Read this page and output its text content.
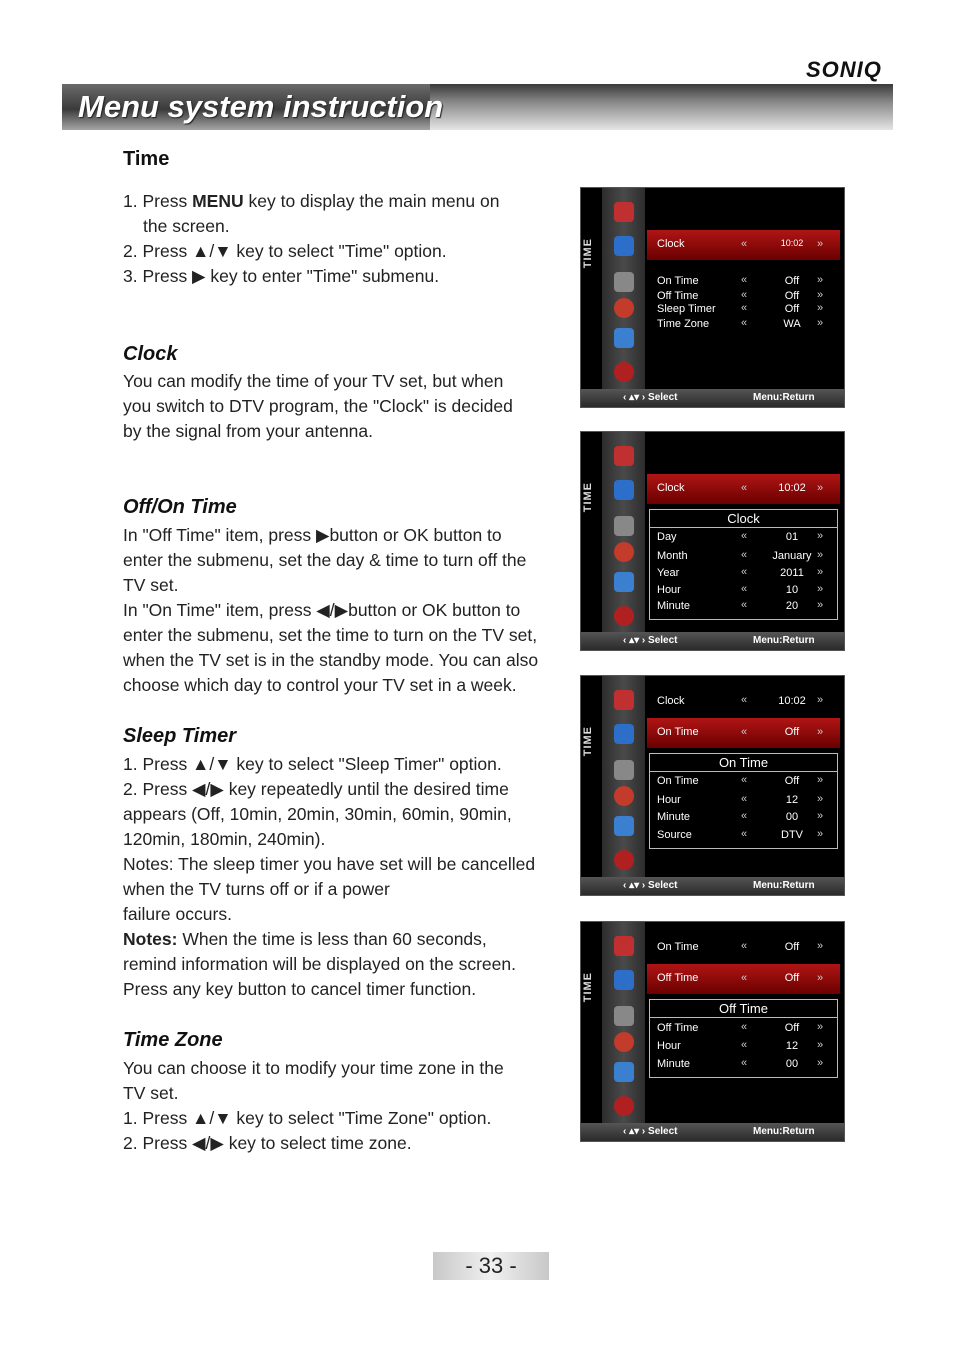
SONIQ
Menu system instruction
Time
1. Press MENU key to display the main menu on
the screen.
2. Press ▲/▼ key to select "Time" option.
3. Press ▶ key to enter "Time" submenu.
Clock
You can modify the time of your TV set, but when
you switch to DTV program, the "Clock" is decided
by the signal from your antenna.
Off/On Time
In "Off Time" item, press ▶button or OK button to
enter the submenu, set the day & time to turn off the
TV set.
In "On Time" item, press ◀/▶button or OK button to
enter the submenu, set the time to turn on the TV set,
when the TV set is in the standby mode. You can also
choose which day to control your TV set in a week.
Sleep Timer
1. Press ▲/▼ key to select "Sleep Timer" option.
2. Press ◀/▶ key repeatedly until the desired time
appears (Off, 10min, 20min, 30min, 60min, 90min,
120min, 180min, 240min).
Notes: The sleep timer you have set will be cancelled
when the TV turns off or if a power
failure occurs.
Notes: When the time is less than 60 seconds,
remind information will be displayed on the screen.
Press any key button to cancel timer function.
Time Zone
You can choose it to modify your time zone in the
TV set.
1. Press ▲/▼ key to select "Time Zone" option.
2. Press ◀/▶ key to select time zone.
TIME	Clock	«	10:02	»
On Time	«	Off	»
Off Time	«	Off	»
Sleep Timer «	Off	»
Time Zone	«	WA	»
‹ ▴▾ › Select	Menu:Return
TIME	Clock	«	10:02	»
Clock
Day	«	01	»
Month	«	January »
Year	«	2011	»
Hour	«	10	»
Minute	«	20	»
‹ ▴▾ › Select	Menu:Return
TIME
Clock	«	10:02	»
On Time	«	Off	»
On Time
On Time	«	Off	»
Hour	«	12	»
Minute	«	00	»
Source	«	DTV	»
‹ ▴▾ › Select	Menu:Return
TIME
On Time	«	Off	»
Off Time	«	Off	»
Off Time
Off Time	«	Off	»
Hour	«	12	»
Minute	«	00	»
‹ ▴▾ › Select	Menu:Return
- 33 -
